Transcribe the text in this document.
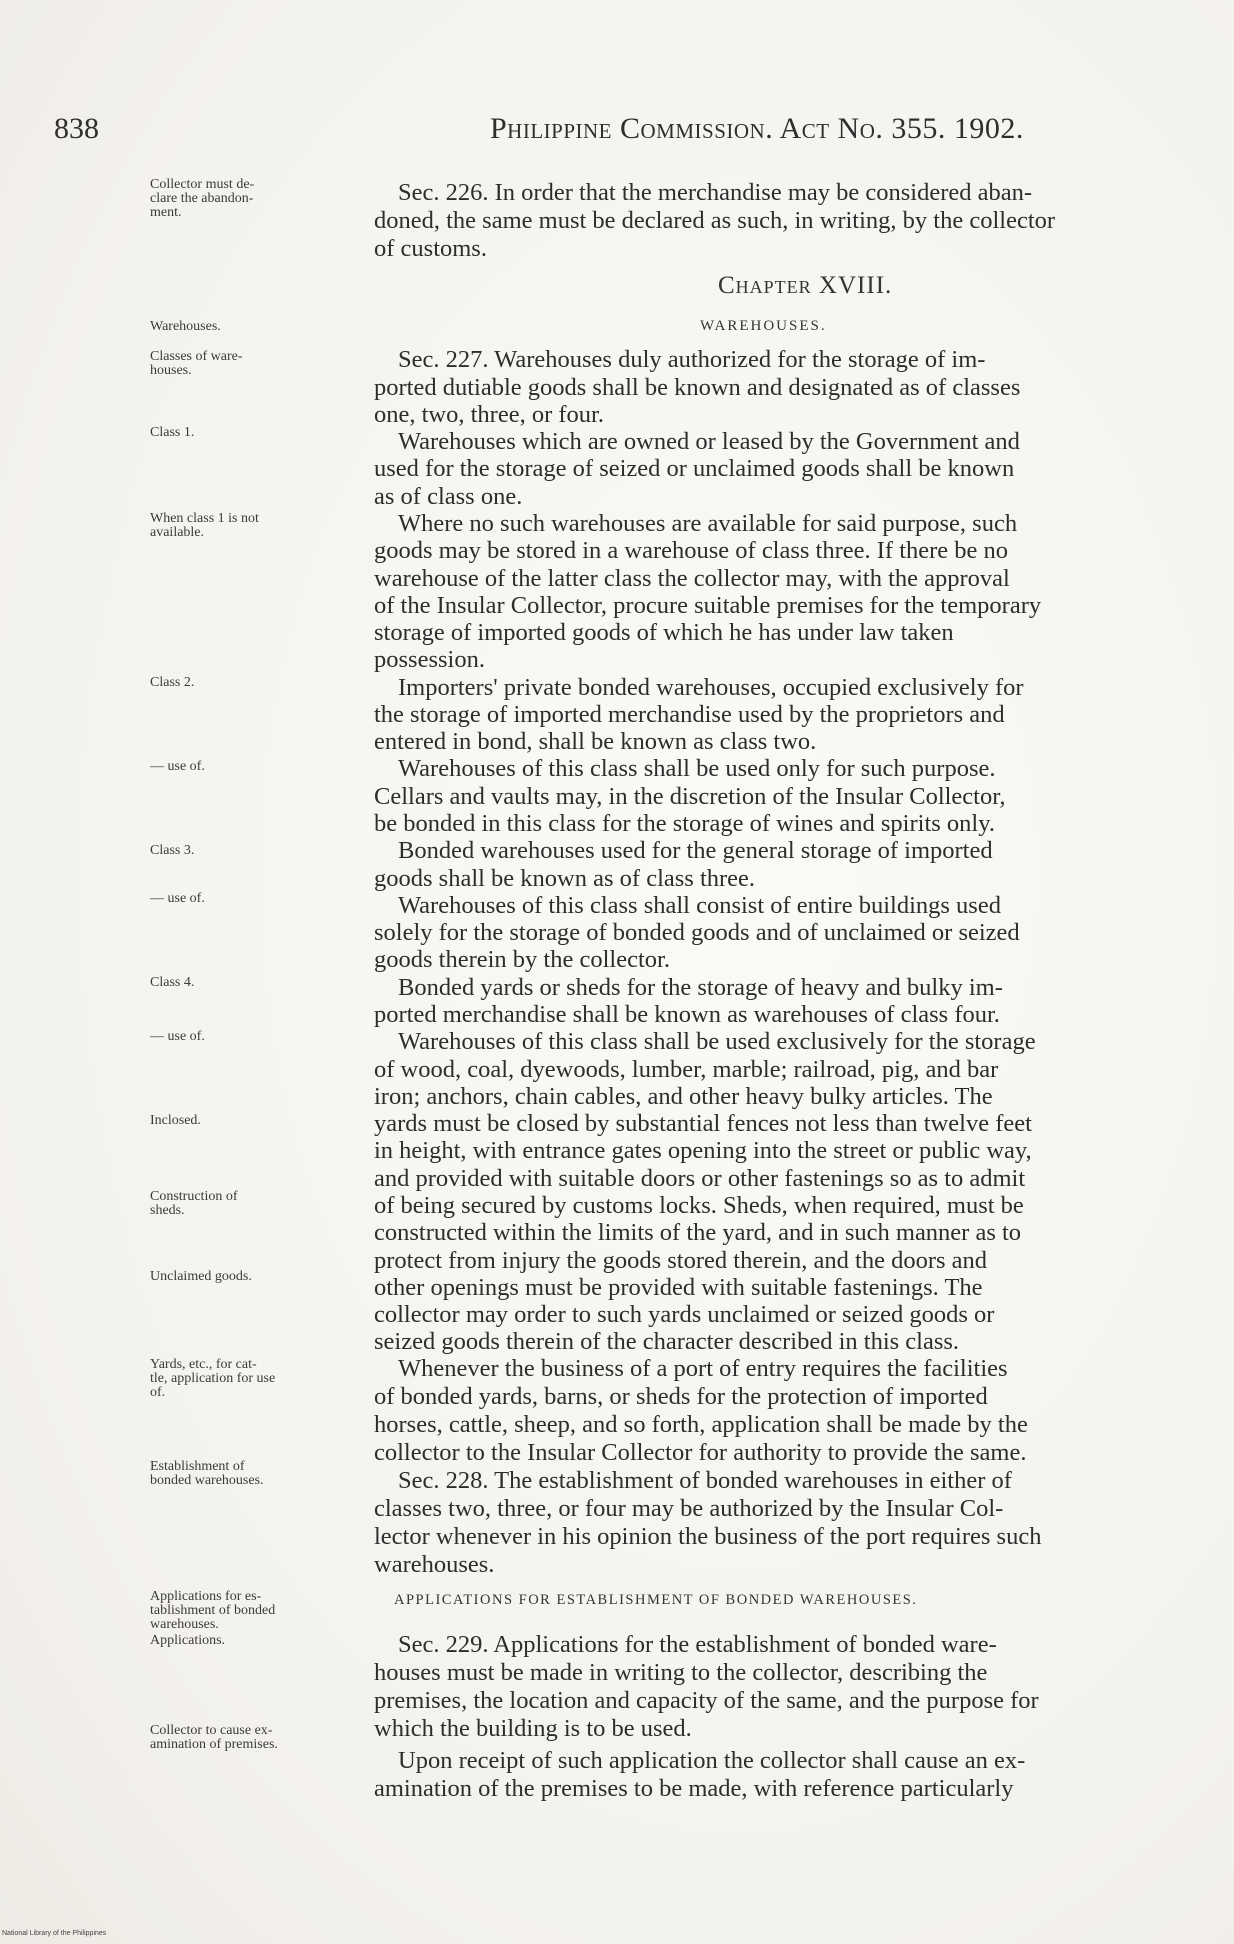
838	Philippine Commission. Act No. 355. 1902.
Collector must de-
clare the abandon-
ment.
Warehouses.
Classes of ware-
houses.
Class 1.
When class 1 is not
available.
Class 2.
— use of.
Class 3.
— use of.
Class 4.
— use of.
Inclosed.
Construction of
sheds.
Unclaimed goods.
Yards, etc., for cat-
tle, application for use
of.
Establishment of
bonded warehouses.
Applications for es-
tablishment of bonded
warehouses.
Applications.
Collector to cause ex-
amination of premises.
Chapter XVIII.
WAREHOUSES.
APPLICATIONS FOR ESTABLISHMENT OF BONDED WAREHOUSES.
Sec. 226. In order that the merchandise may be considered aban-
doned, the same must be declared as such, in writing, by the collector
of customs.
Sec. 227. Warehouses duly authorized for the storage of im-
ported dutiable goods shall be known and designated as of classes
one, two, three, or four.
Warehouses which are owned or leased by the Government and
used for the storage of seized or unclaimed goods shall be known
as of class one.
Where no such warehouses are available for said purpose, such
goods may be stored in a warehouse of class three. If there be no
warehouse of the latter class the collector may, with the approval
of the Insular Collector, procure suitable premises for the temporary
storage of imported goods of which he has under law taken
possession.
Importers' private bonded warehouses, occupied exclusively for
the storage of imported merchandise used by the proprietors and
entered in bond, shall be known as class two.
Warehouses of this class shall be used only for such purpose.
Cellars and vaults may, in the discretion of the Insular Collector,
be bonded in this class for the storage of wines and spirits only.
Bonded warehouses used for the general storage of imported
goods shall be known as of class three.
Warehouses of this class shall consist of entire buildings used
solely for the storage of bonded goods and of unclaimed or seized
goods therein by the collector.
Bonded yards or sheds for the storage of heavy and bulky im-
ported merchandise shall be known as warehouses of class four.
Warehouses of this class shall be used exclusively for the storage
of wood, coal, dyewoods, lumber, marble; railroad, pig, and bar
iron; anchors, chain cables, and other heavy bulky articles. The
yards must be closed by substantial fences not less than twelve feet
in height, with entrance gates opening into the street or public way,
and provided with suitable doors or other fastenings so as to admit
of being secured by customs locks. Sheds, when required, must be
constructed within the limits of the yard, and in such manner as to
protect from injury the goods stored therein, and the doors and
other openings must be provided with suitable fastenings. The
collector may order to such yards unclaimed or seized goods or
seized goods therein of the character described in this class.
Whenever the business of a port of entry requires the facilities
of bonded yards, barns, or sheds for the protection of imported
horses, cattle, sheep, and so forth, application shall be made by the
collector to the Insular Collector for authority to provide the same.
Sec. 228. The establishment of bonded warehouses in either of
classes two, three, or four may be authorized by the Insular Col-
lector whenever in his opinion the business of the port requires such
warehouses.
Sec. 229. Applications for the establishment of bonded ware-
houses must be made in writing to the collector, describing the
premises, the location and capacity of the same, and the purpose for
which the building is to be used.
Upon receipt of such application the collector shall cause an ex-
amination of the premises to be made, with reference particularly
National Library of the Philippines
